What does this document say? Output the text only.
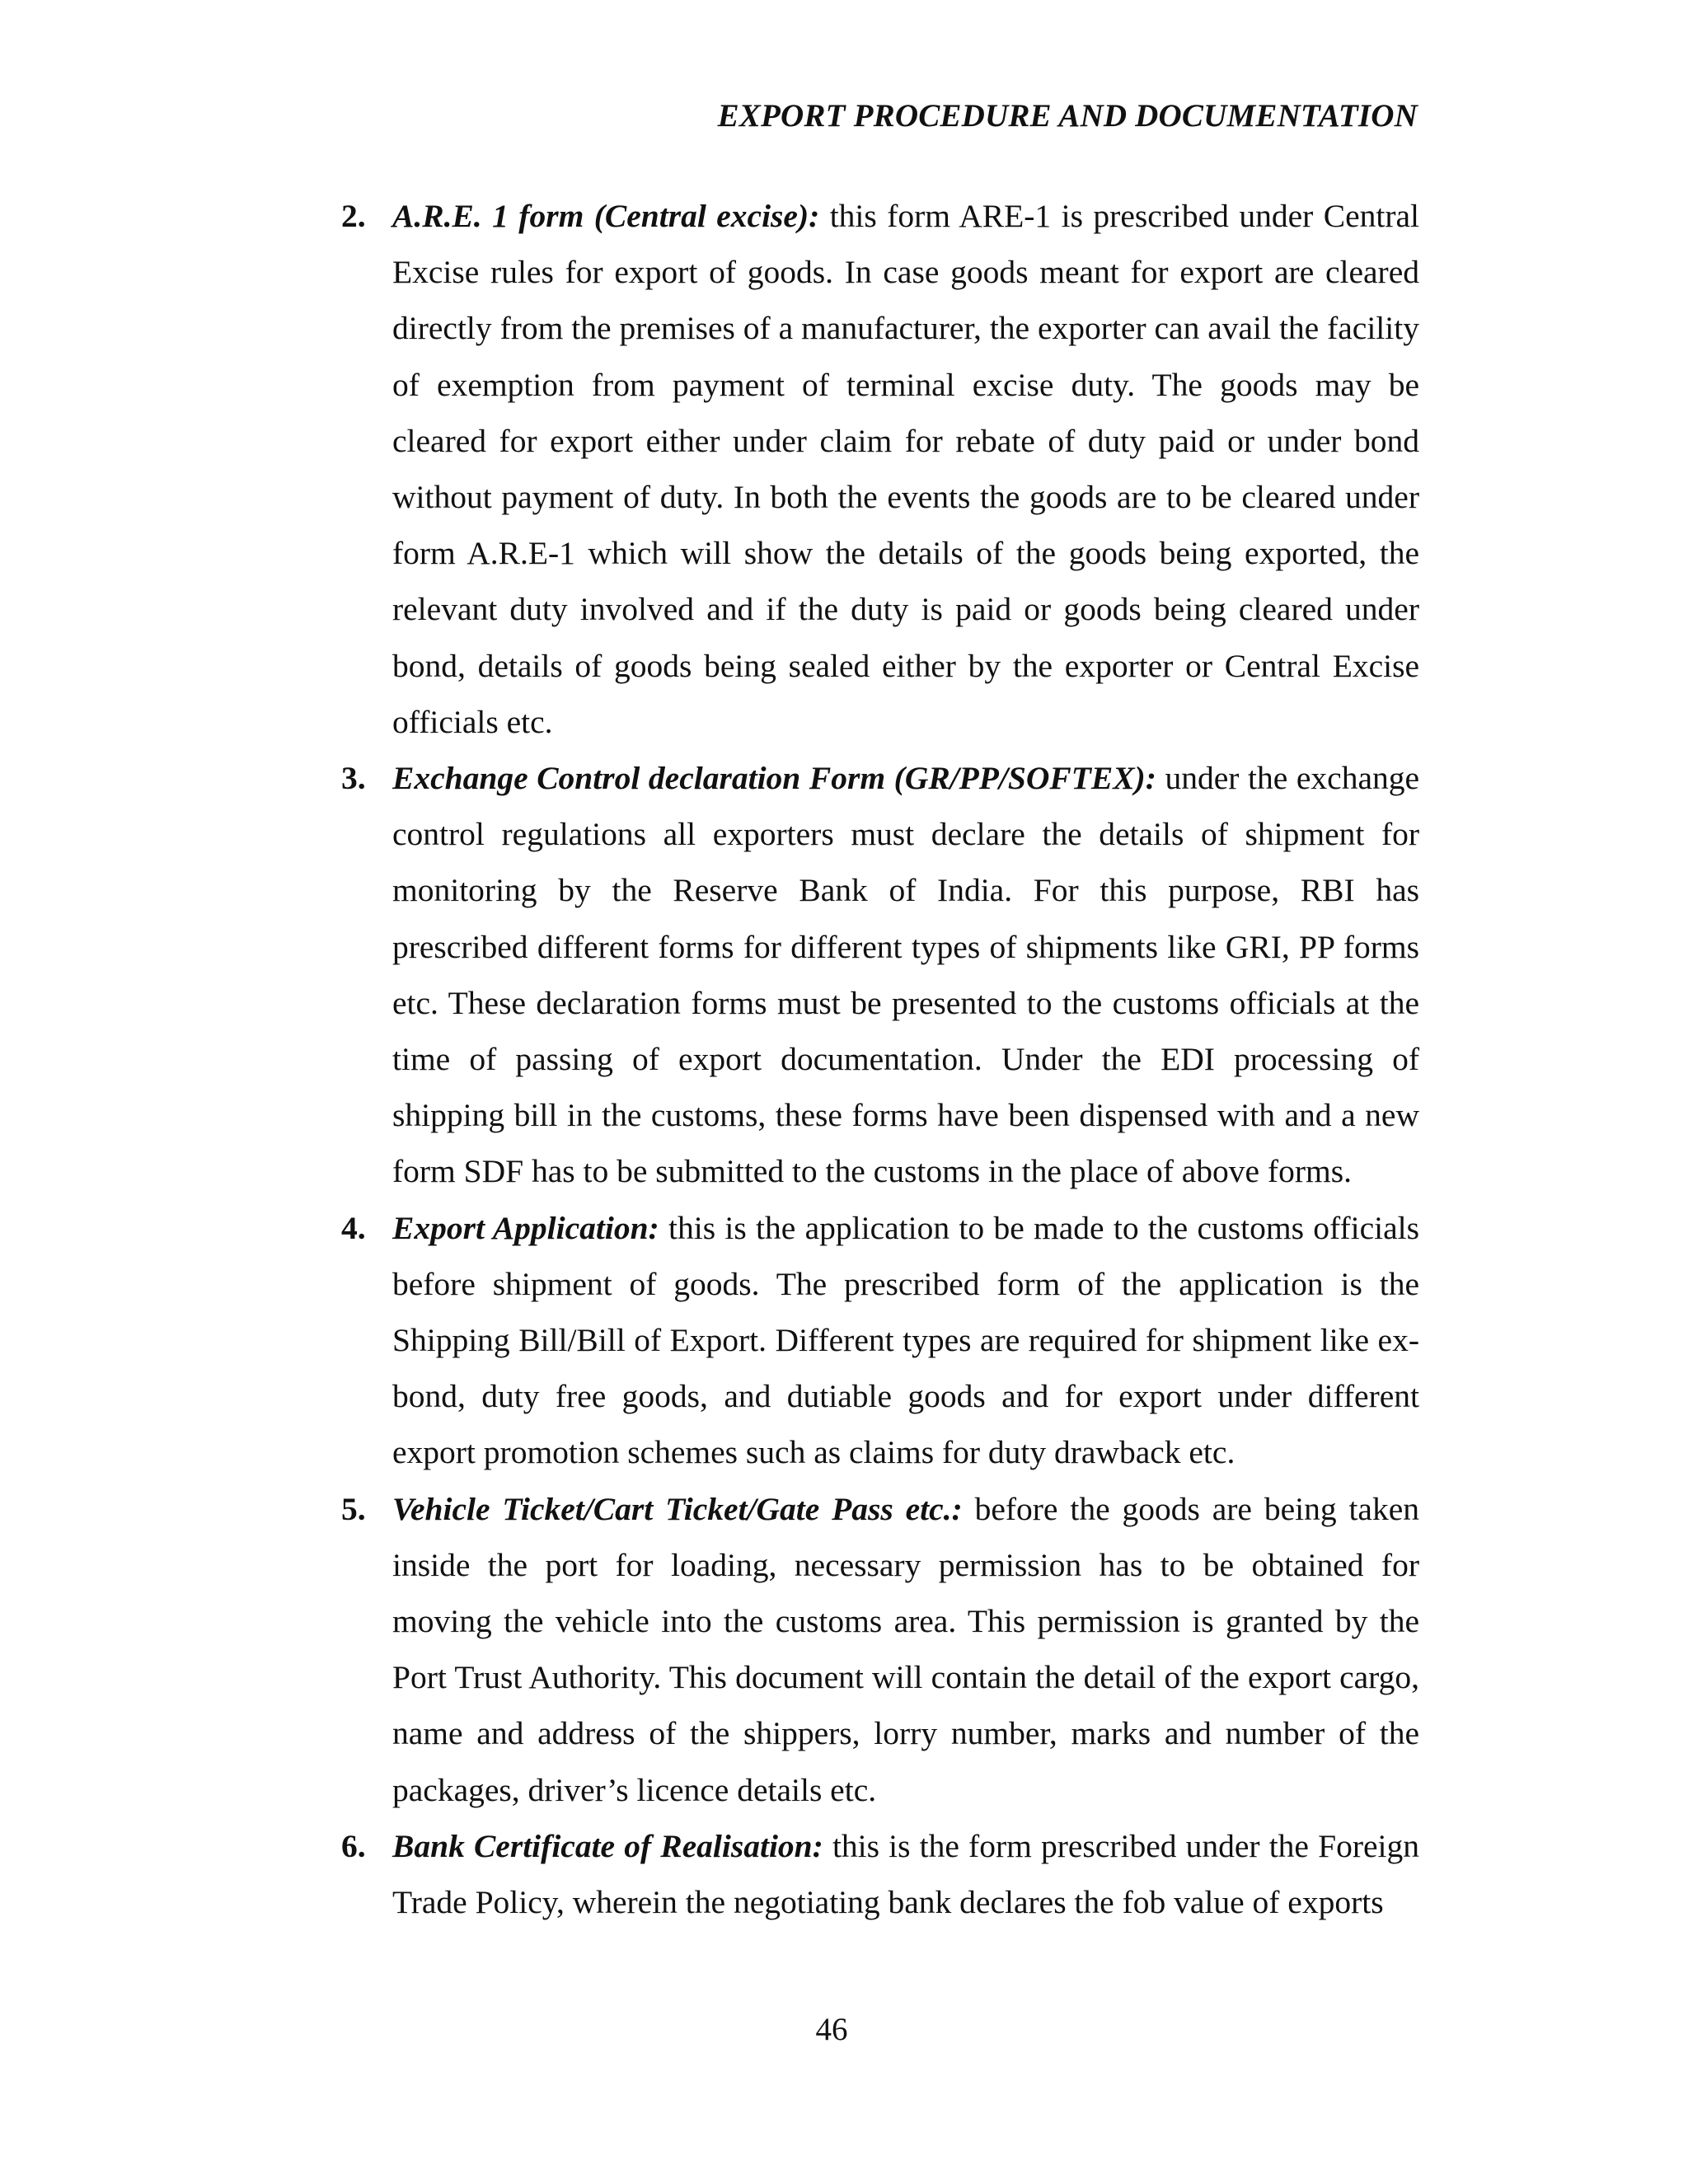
EXPORT PROCEDURE AND DOCUMENTATION
2. A.R.E. 1 form (Central excise): this form ARE-1 is prescribed under Central Excise rules for export of goods. In case goods meant for export are cleared directly from the premises of a manufacturer, the exporter can avail the facility of exemption from payment of terminal excise duty. The goods may be cleared for export either under claim for rebate of duty paid or under bond without payment of duty. In both the events the goods are to be cleared under form A.R.E-1 which will show the details of the goods being exported, the relevant duty involved and if the duty is paid or goods being cleared under bond, details of goods being sealed either by the exporter or Central Excise officials etc.
3. Exchange Control declaration Form (GR/PP/SOFTEX): under the exchange control regulations all exporters must declare the details of shipment for monitoring by the Reserve Bank of India. For this purpose, RBI has prescribed different forms for different types of shipments like GRI, PP forms etc. These declaration forms must be presented to the customs officials at the time of passing of export documentation. Under the EDI processing of shipping bill in the customs, these forms have been dispensed with and a new form SDF has to be submitted to the customs in the place of above forms.
4. Export Application: this is the application to be made to the customs officials before shipment of goods. The prescribed form of the application is the Shipping Bill/Bill of Export. Different types are required for shipment like ex-bond, duty free goods, and dutiable goods and for export under different export promotion schemes such as claims for duty drawback etc.
5. Vehicle Ticket/Cart Ticket/Gate Pass etc.: before the goods are being taken inside the port for loading, necessary permission has to be obtained for moving the vehicle into the customs area. This permission is granted by the Port Trust Authority. This document will contain the detail of the export cargo, name and address of the shippers, lorry number, marks and number of the packages, driver’s licence details etc.
6. Bank Certificate of Realisation: this is the form prescribed under the Foreign Trade Policy, wherein the negotiating bank declares the fob value of exports
46
